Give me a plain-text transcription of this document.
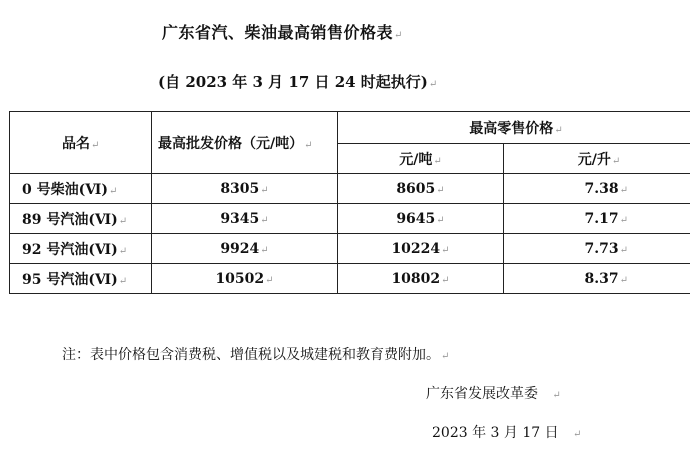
广东省汽、柴油最高销售价格表↵
(自 2023 年 3 月 17 日 24 时起执行)↵
品名↵	最高批发价格（元/吨）↵	最高零售价格↵	
		元/吨↵	元/升↵
0 号柴油(Ⅵ)↵	8305↵	8605↵	7.38↵
89 号汽油(Ⅵ)↵	9345↵	9645↵	7.17↵
92 号汽油(Ⅵ)↵	9924↵	10224↵	7.73↵
95 号汽油(Ⅵ)↵	10502↵	10802↵	8.37↵
注：表中价格包含消费税、增值税以及城建税和教育费附加。↵
广东省发展改革委 ↵
2023 年 3 月 17 日 ↵
